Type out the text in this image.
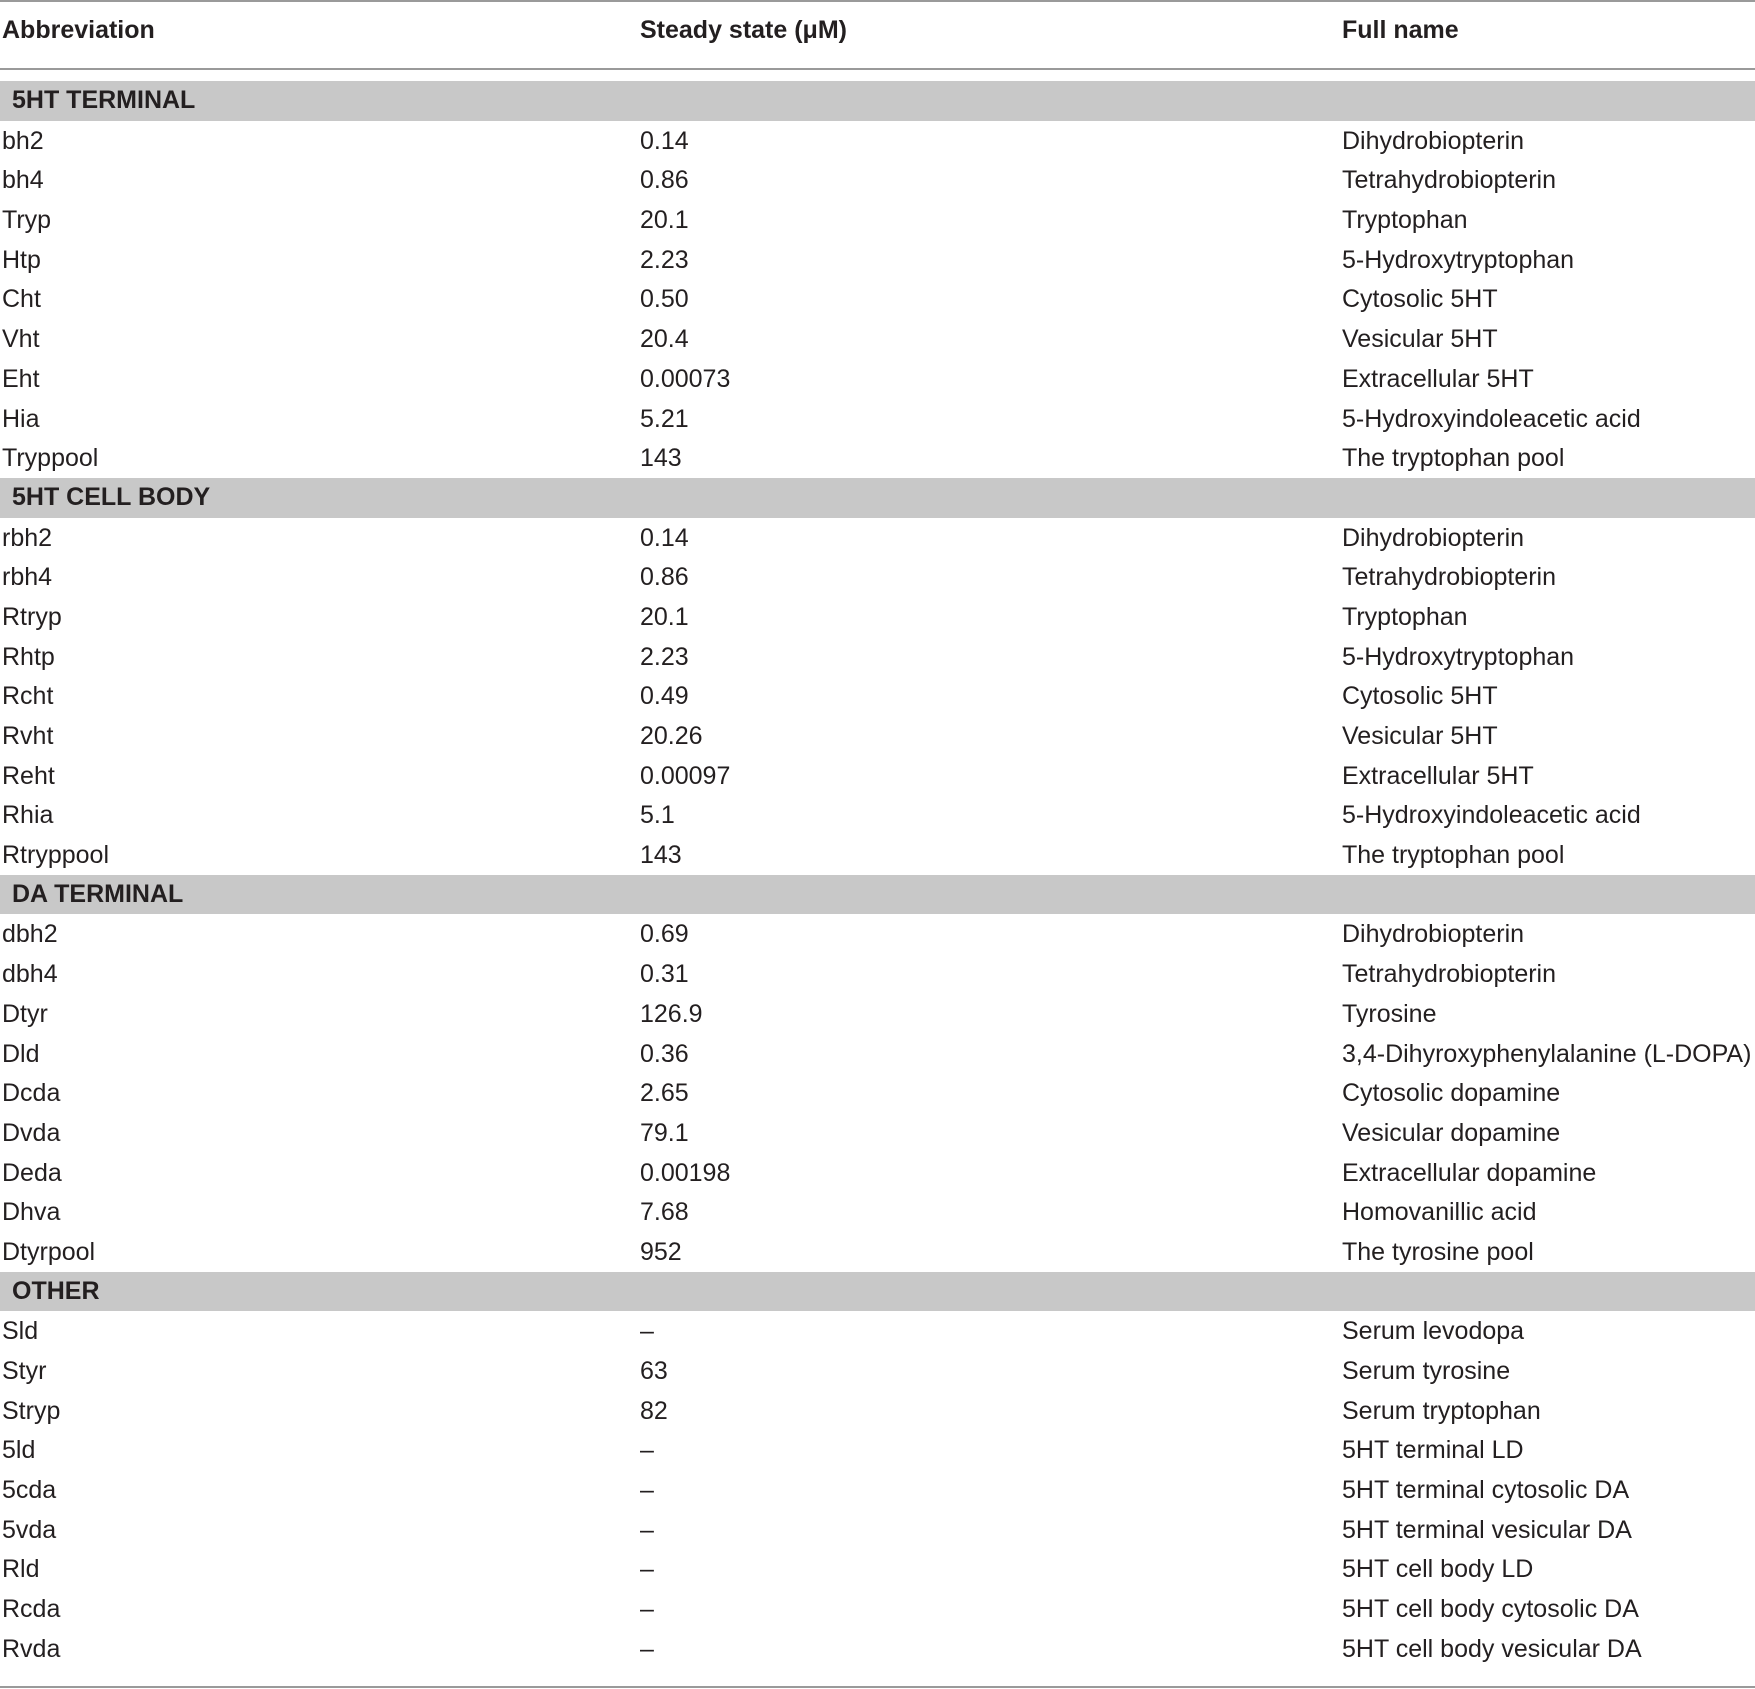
Abbreviation	Steady state (μM)	Full name
5HT TERMINAL
bh2	0.14	Dihydrobiopterin
bh4	0.86	Tetrahydrobiopterin
Tryp	20.1	Tryptophan
Htp	2.23	5-Hydroxytryptophan
Cht	0.50	Cytosolic 5HT
Vht	20.4	Vesicular 5HT
Eht	0.00073	Extracellular 5HT
Hia	5.21	5-Hydroxyindoleacetic acid
Tryppool	143	The tryptophan pool
5HT CELL BODY
rbh2	0.14	Dihydrobiopterin
rbh4	0.86	Tetrahydrobiopterin
Rtryp	20.1	Tryptophan
Rhtp	2.23	5-Hydroxytryptophan
Rcht	0.49	Cytosolic 5HT
Rvht	20.26	Vesicular 5HT
Reht	0.00097	Extracellular 5HT
Rhia	5.1	5-Hydroxyindoleacetic acid
Rtryppool	143	The tryptophan pool
DA TERMINAL
dbh2	0.69	Dihydrobiopterin
dbh4	0.31	Tetrahydrobiopterin
Dtyr	126.9	Tyrosine
Dld	0.36	3,4-Dihyroxyphenylalanine (L-DOPA)
Dcda	2.65	Cytosolic dopamine
Dvda	79.1	Vesicular dopamine
Deda	0.00198	Extracellular dopamine
Dhva	7.68	Homovanillic acid
Dtyrpool	952	The tyrosine pool
OTHER
Sld	–	Serum levodopa
Styr	63	Serum tyrosine
Stryp	82	Serum tryptophan
5ld	–	5HT terminal LD
5cda	–	5HT terminal cytosolic DA
5vda	–	5HT terminal vesicular DA
Rld	–	5HT cell body LD
Rcda	–	5HT cell body cytosolic DA
Rvda	–	5HT cell body vesicular DA
